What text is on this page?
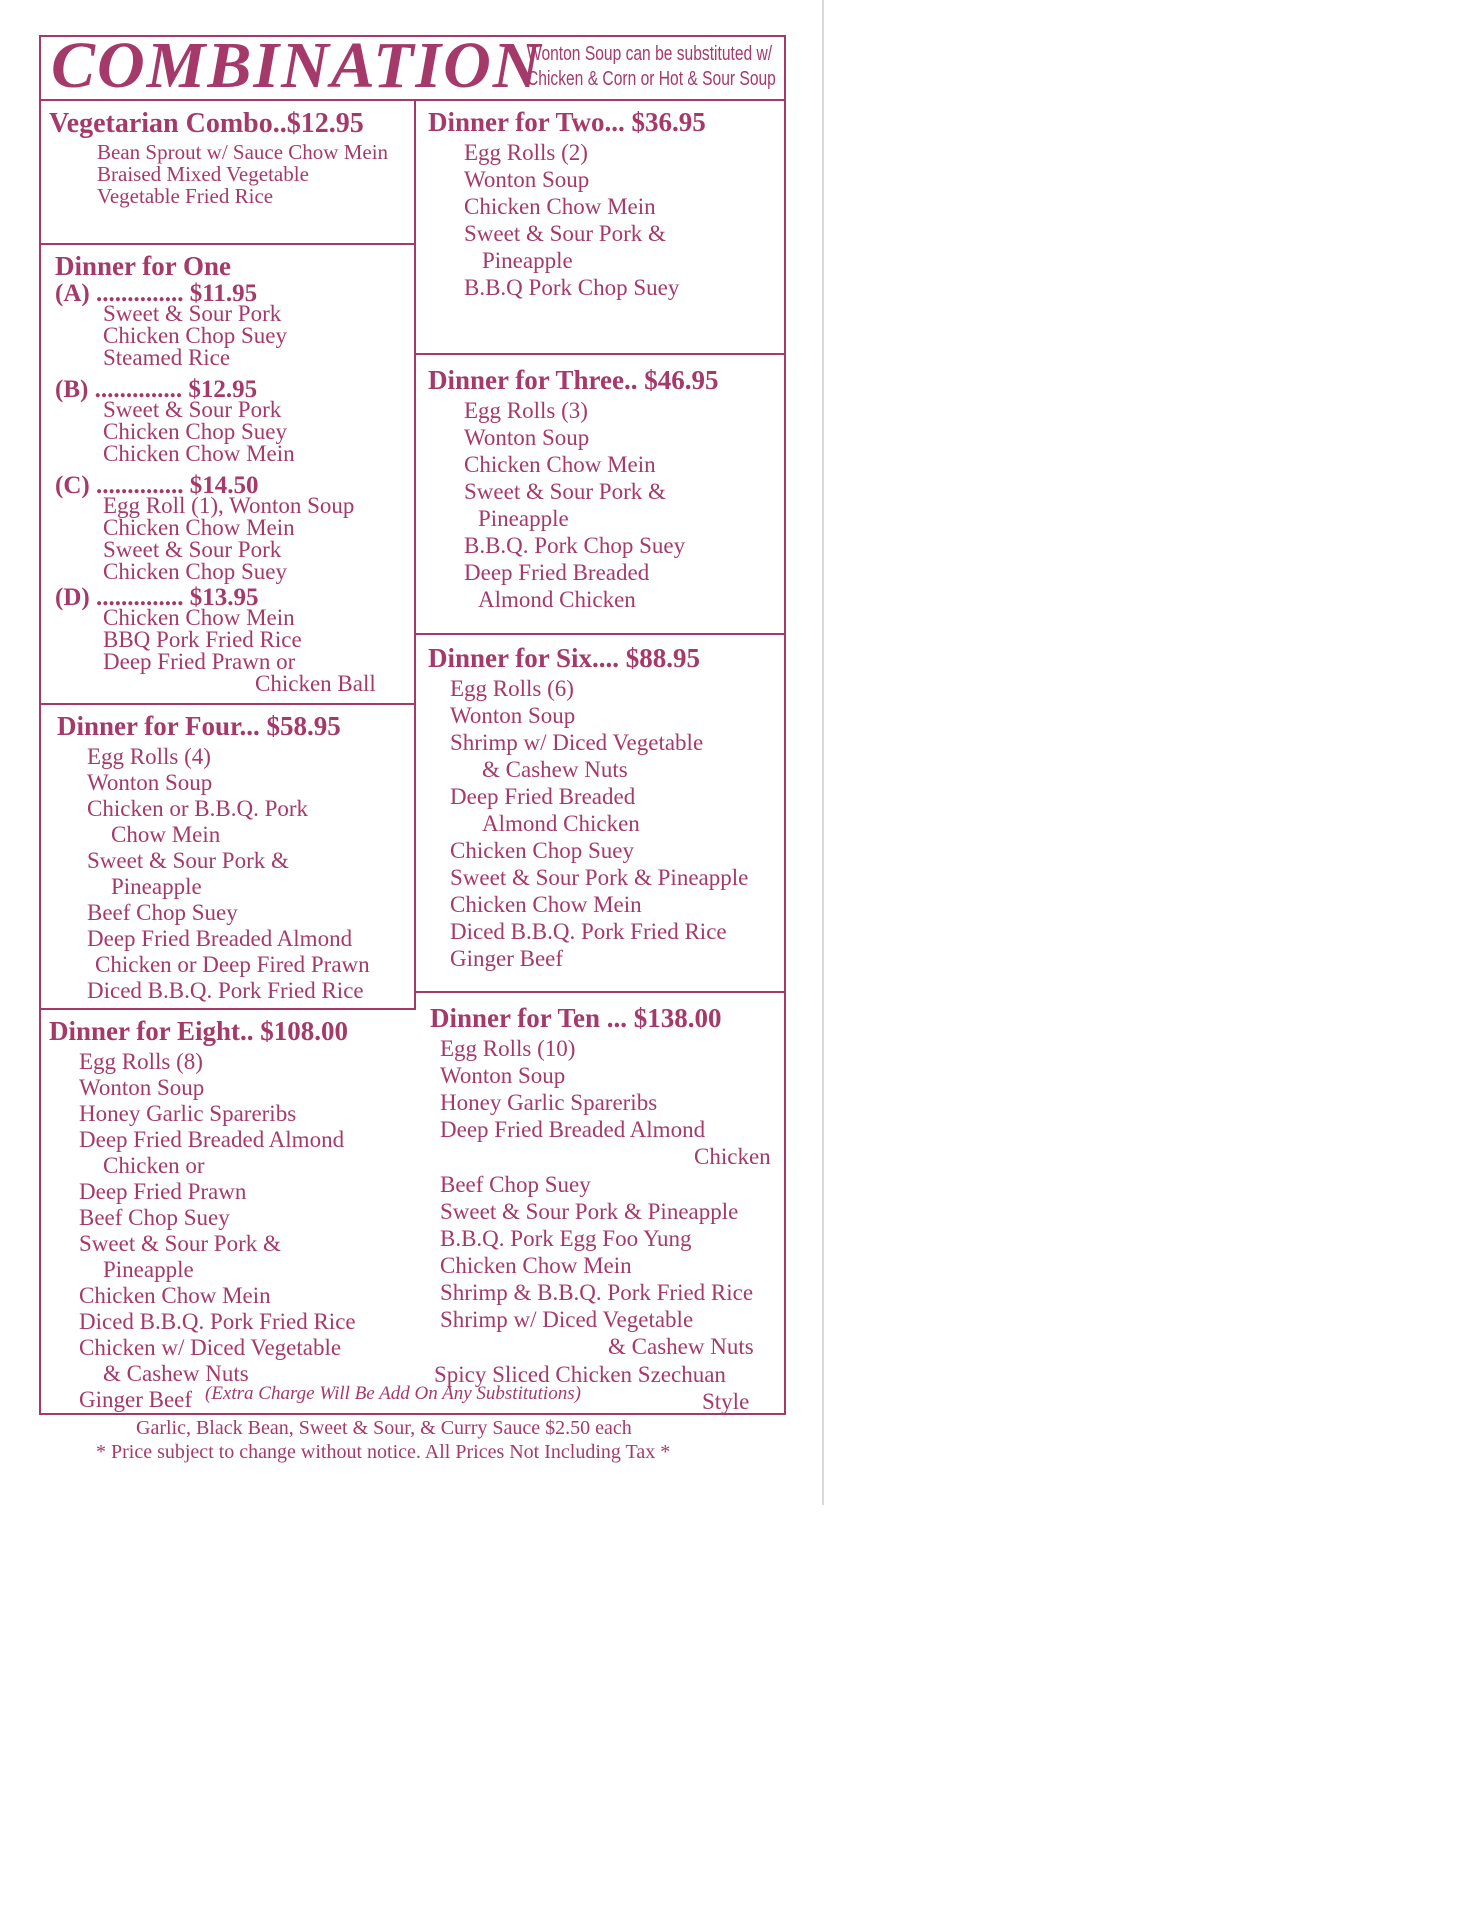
COMBINATION
Wonton Soup can be substituted w/
Chicken & Corn or Hot & Sour Soup
Vegetarian Combo..$12.95
Bean Sprout w/ Sauce Chow Mein
Braised Mixed Vegetable
Vegetable Fried Rice
Dinner for One
(A) .............. $11.95
Sweet & Sour Pork
Chicken Chop Suey
Steamed Rice
(B) .............. $12.95
Sweet & Sour Pork
Chicken Chop Suey
Chicken Chow Mein
(C) .............. $14.50
Egg Roll (1), Wonton Soup
Chicken Chow Mein
Sweet & Sour Pork
Chicken Chop Suey
(D) .............. $13.95
Chicken Chow Mein
BBQ Pork Fried Rice
Deep Fried Prawn or
Chicken Ball
Dinner for Four... $58.95
Egg Rolls (4)
Wonton Soup
Chicken or B.B.Q. Pork
Chow Mein
Sweet & Sour Pork &
Pineapple
Beef Chop Suey
Deep Fried Breaded Almond
Chicken or Deep Fired Prawn
Diced B.B.Q. Pork Fried Rice
Dinner for Eight.. $108.00
Egg Rolls (8)
Wonton Soup
Honey Garlic Spareribs
Deep Fried Breaded Almond
Chicken or
Deep Fried Prawn
Beef Chop Suey
Sweet & Sour Pork &
Pineapple
Chicken Chow Mein
Diced B.B.Q. Pork Fried Rice
Chicken w/ Diced Vegetable
& Cashew Nuts
Ginger Beef
Dinner for Two... $36.95
Egg Rolls (2)
Wonton Soup
Chicken Chow Mein
Sweet & Sour Pork &
Pineapple
B.B.Q Pork Chop Suey
Dinner for Three.. $46.95
Egg Rolls (3)
Wonton Soup
Chicken Chow Mein
Sweet & Sour Pork &
Pineapple
B.B.Q. Pork Chop Suey
Deep Fried Breaded
Almond Chicken
Dinner for Six.... $88.95
Egg Rolls (6)
Wonton Soup
Shrimp w/ Diced Vegetable
& Cashew Nuts
Deep Fried Breaded
Almond Chicken
Chicken Chop Suey
Sweet & Sour Pork & Pineapple
Chicken Chow Mein
Diced B.B.Q. Pork Fried Rice
Ginger Beef
Dinner for Ten ... $138.00
Egg Rolls (10)
Wonton Soup
Honey Garlic Spareribs
Deep Fried Breaded Almond
Chicken
Beef Chop Suey
Sweet & Sour Pork & Pineapple
B.B.Q. Pork Egg Foo Yung
Chicken Chow Mein
Shrimp & B.B.Q. Pork Fried Rice
Shrimp w/ Diced Vegetable
& Cashew Nuts
Spicy Sliced Chicken Szechuan
Style
(Extra Charge Will Be Add On Any Substitutions)
Garlic, Black Bean, Sweet & Sour, & Curry Sauce $2.50 each
* Price subject to change without notice. All Prices Not Including Tax *
